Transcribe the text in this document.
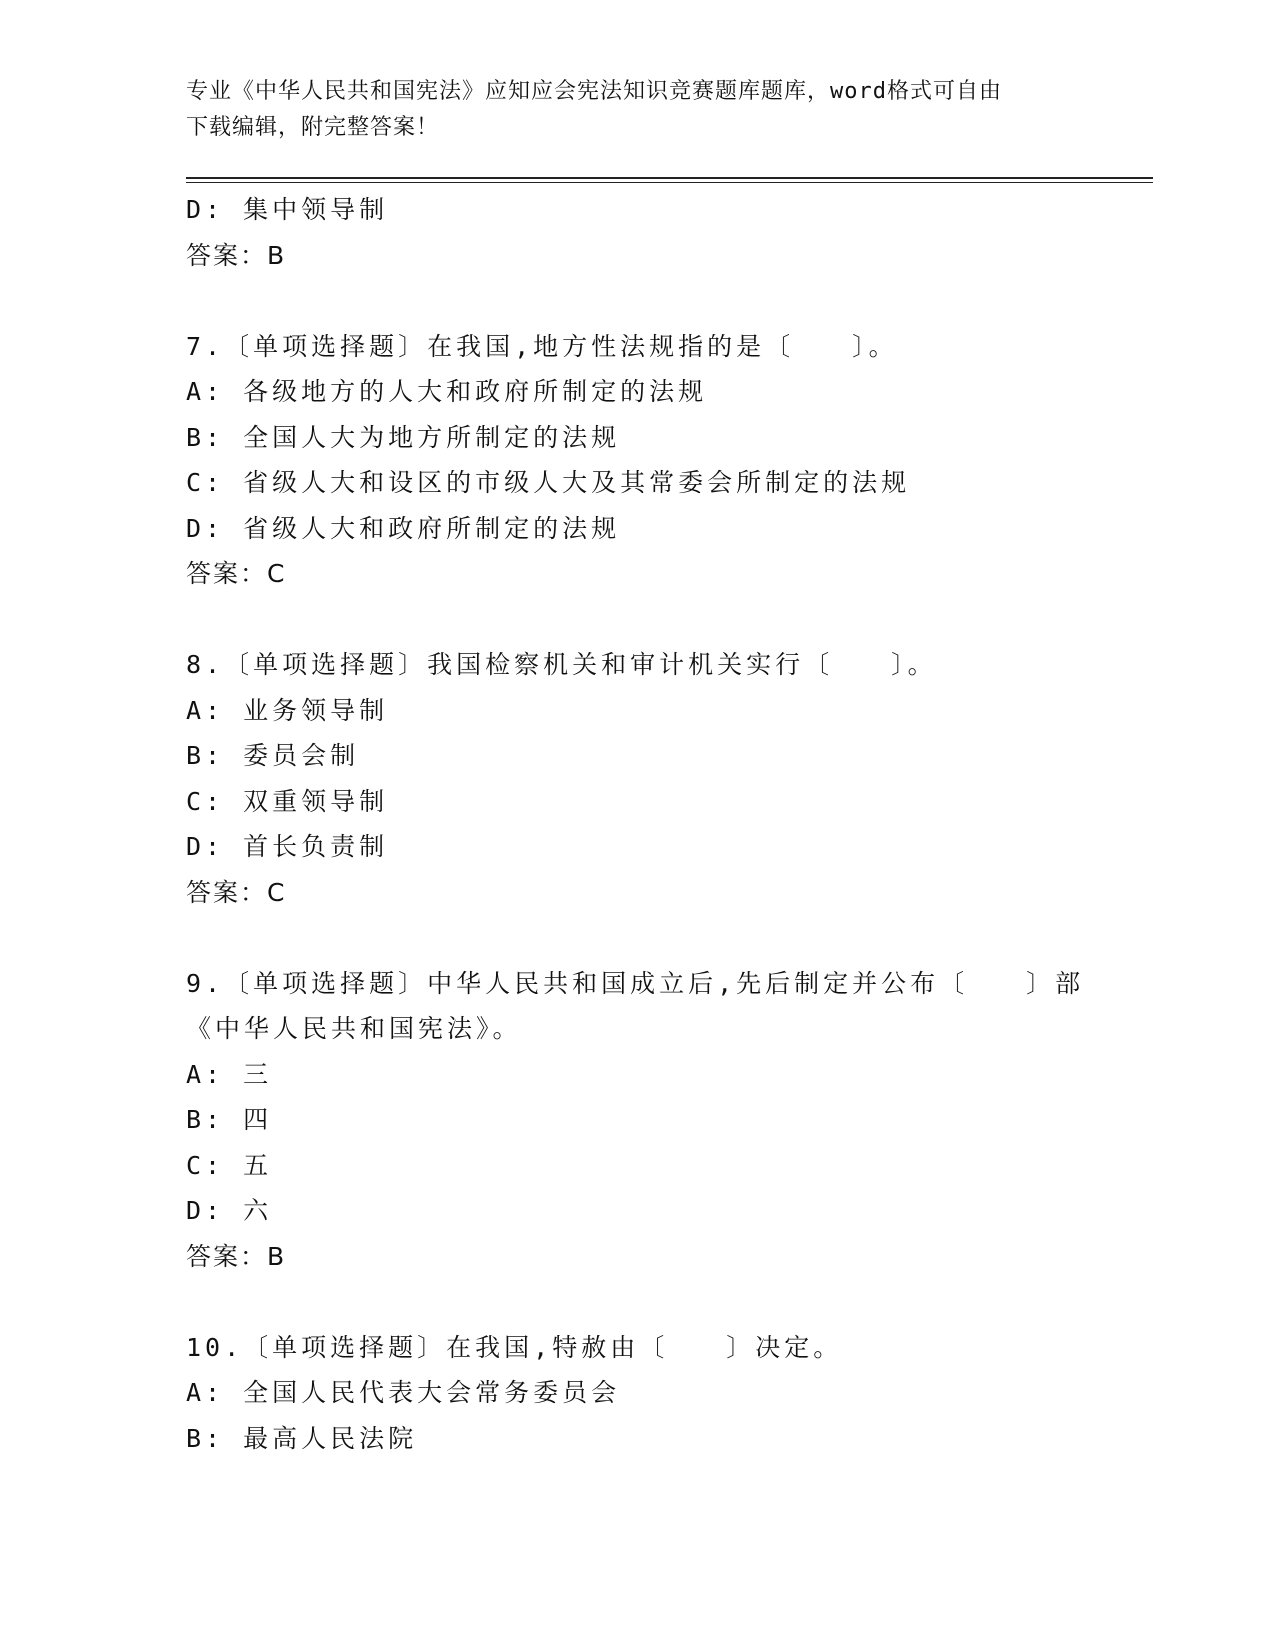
专业《中华人民共和国宪法》应知应会宪法知识竞赛题库题库，word格式可自由
下载编辑，附完整答案！
D: 集中领导制
答案：B
7.〔单项选择题〕在我国,地方性法规指的是〔　　〕。
A: 各级地方的人大和政府所制定的法规
B: 全国人大为地方所制定的法规
C: 省级人大和设区的市级人大及其常委会所制定的法规
D: 省级人大和政府所制定的法规
答案：C
8.〔单项选择题〕我国检察机关和审计机关实行〔　　〕。
A: 业务领导制
B: 委员会制
C: 双重领导制
D: 首长负责制
答案：C
9.〔单项选择题〕中华人民共和国成立后,先后制定并公布〔　　〕部
《中华人民共和国宪法》。
A: 三
B: 四
C: 五
D: 六
答案：B
10.〔单项选择题〕在我国,特赦由〔　　〕决定。
A: 全国人民代表大会常务委员会
B: 最高人民法院
